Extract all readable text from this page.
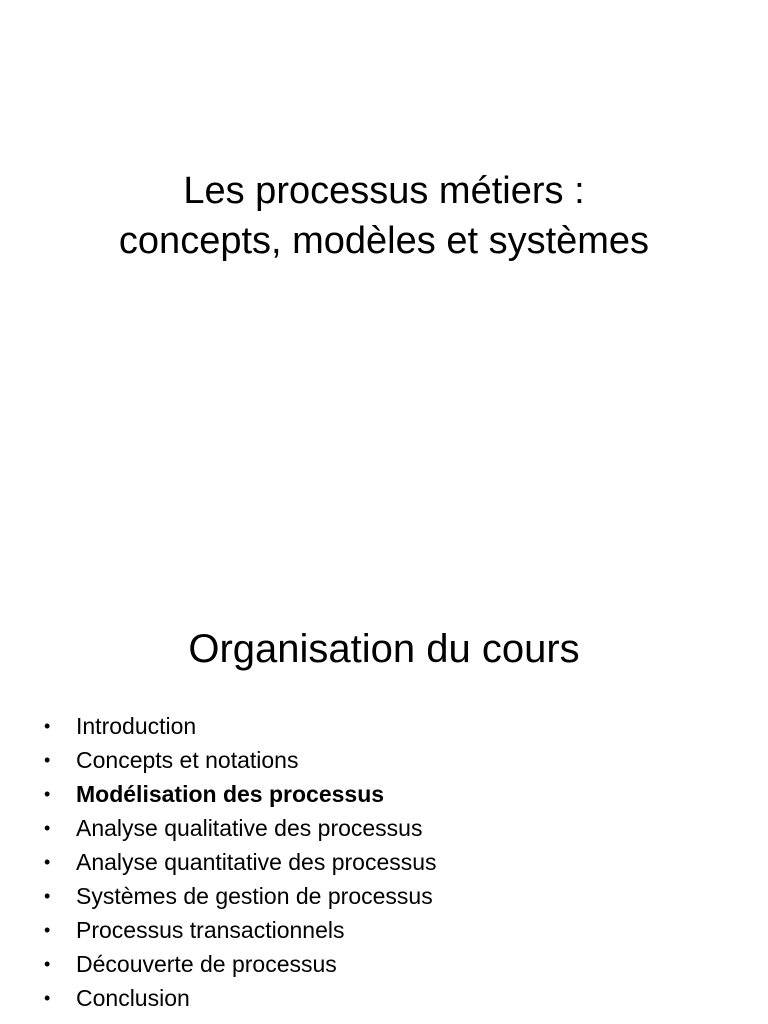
Les processus métiers :
concepts, modèles et systèmes
Organisation du cours
• Introduction
• Concepts et notations
• Modélisation des processus
• Analyse qualitative des processus
• Analyse quantitative des processus
• Systèmes de gestion de processus
• Processus transactionnels
• Découverte de processus
• Conclusion
